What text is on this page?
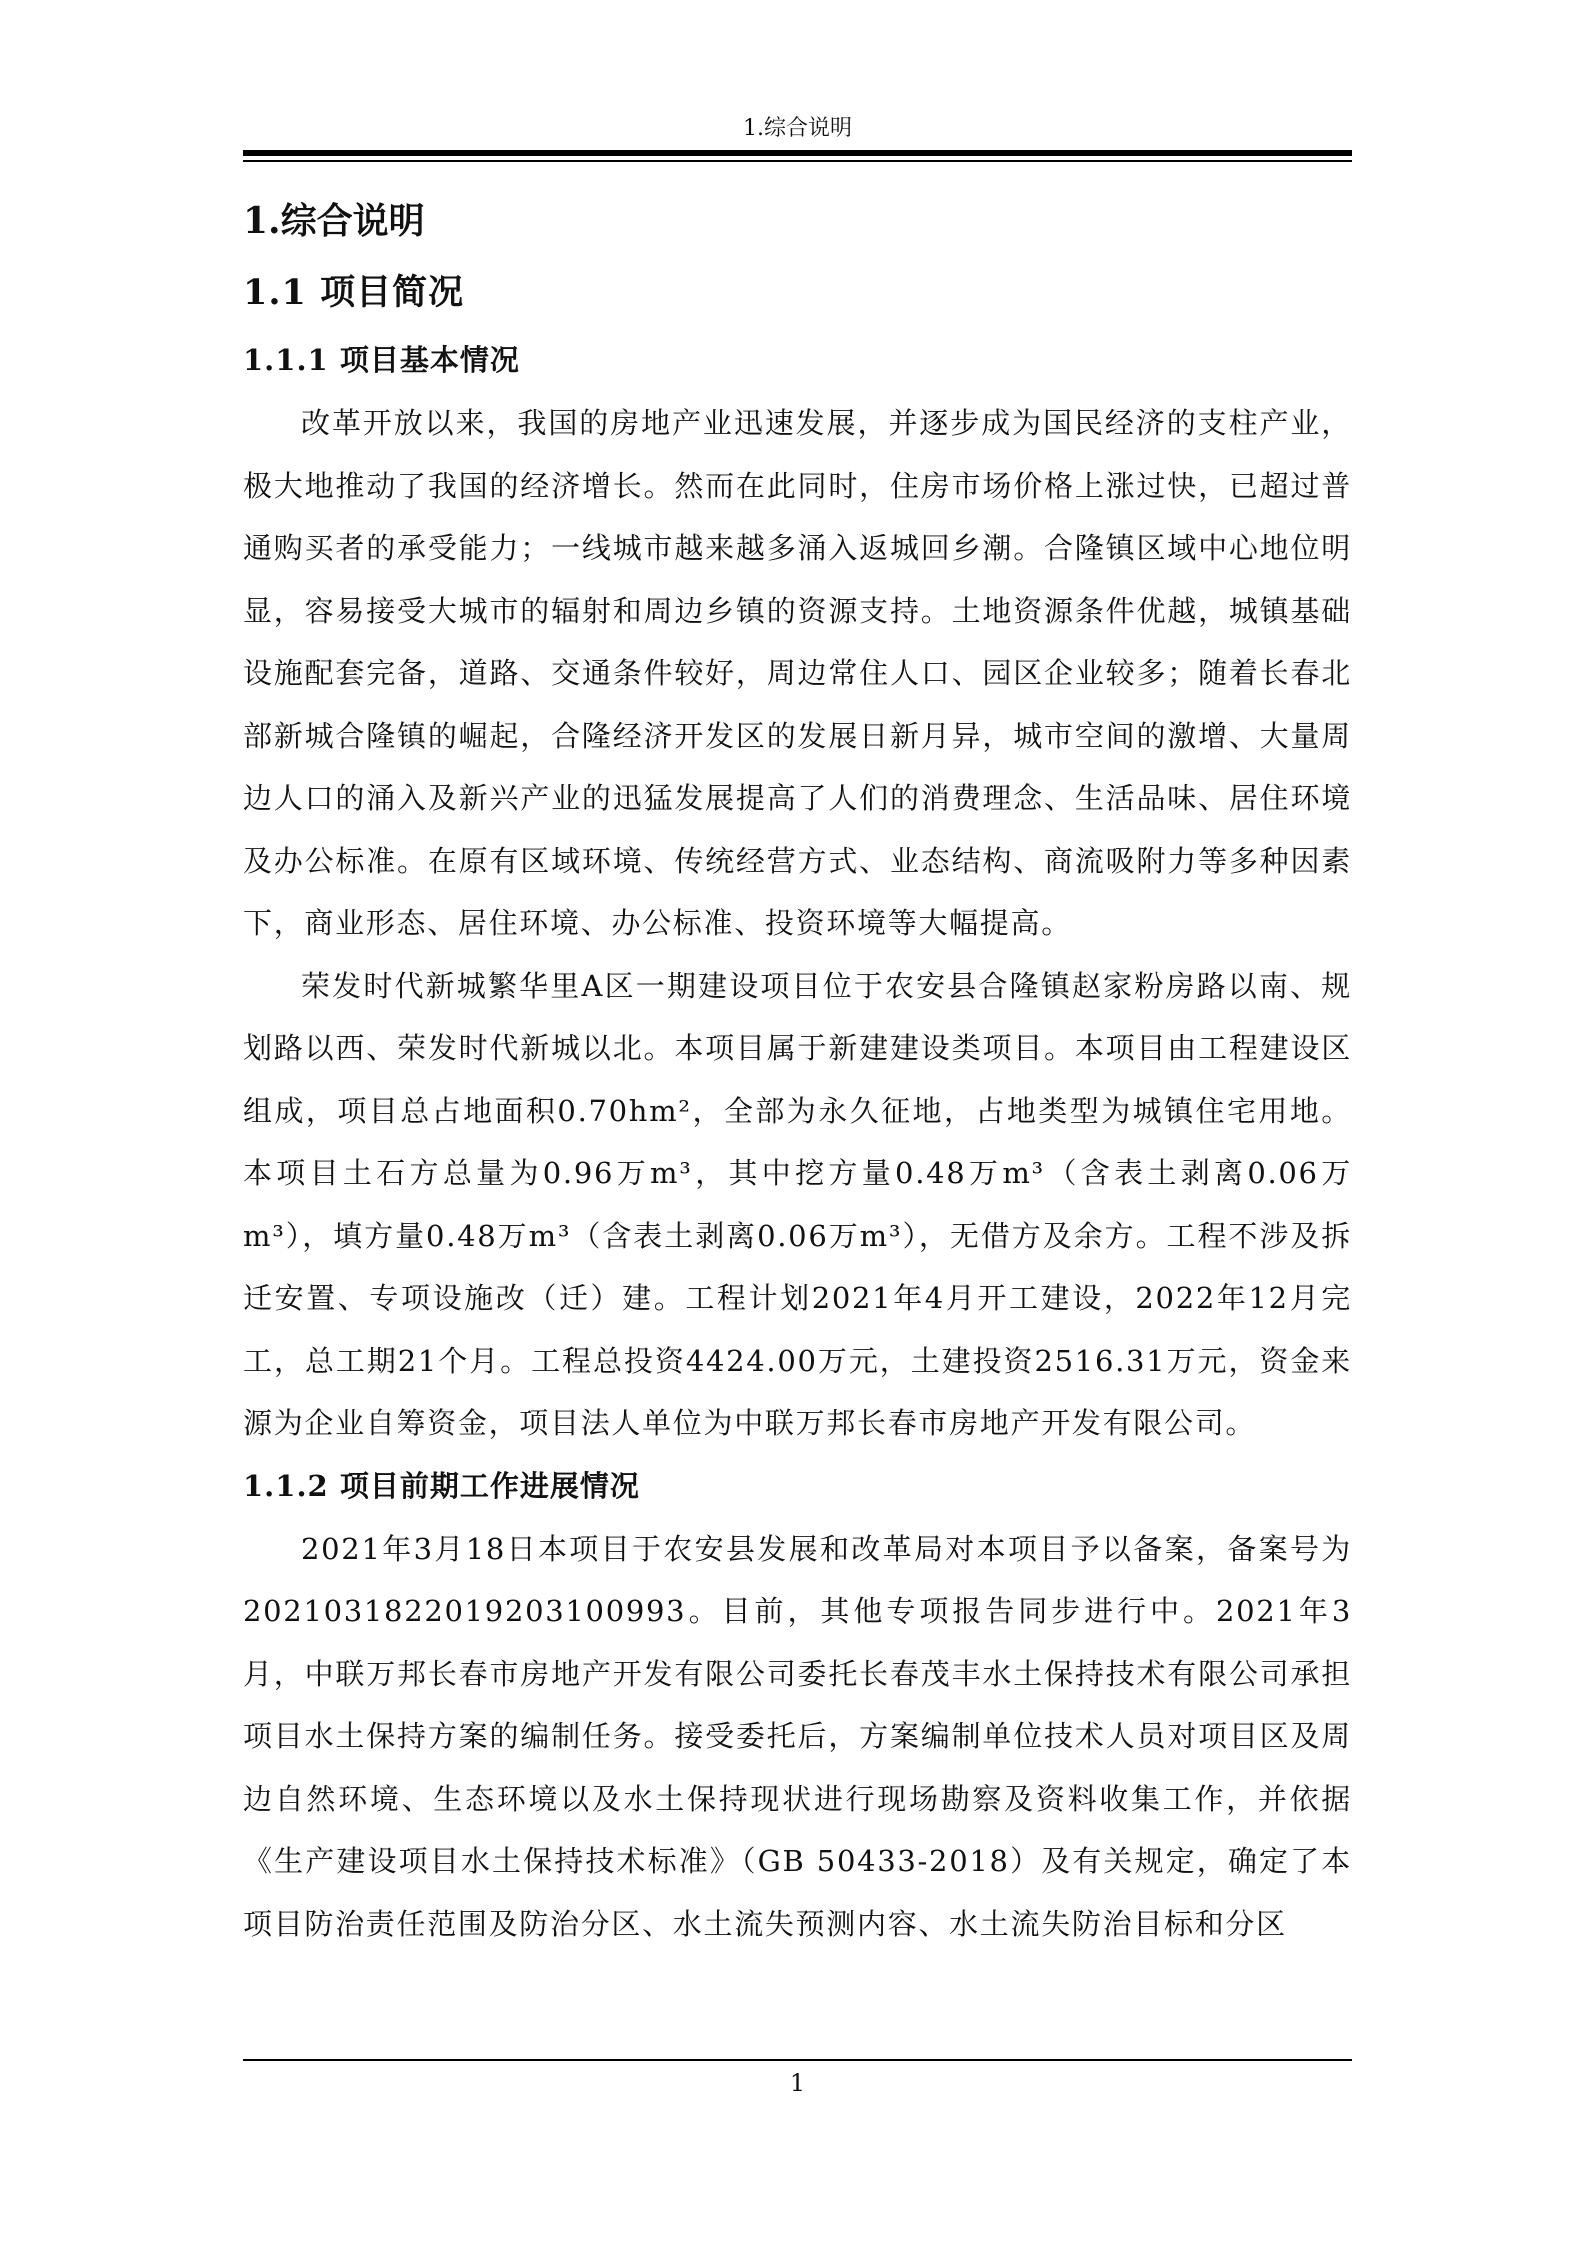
1.综合说明
1.综合说明
1.1 项目简况
1.1.1 项目基本情况

改革开放以来，我国的房地产业迅速发展，并逐步成为国民经济的支柱产业，极大地推动了我国的经济增长。然而在此同时，住房市场价格上涨过快，已超过普通购买者的承受能力；一线城市越来越多涌入返城回乡潮。合隆镇区域中心地位明显，容易接受大城市的辐射和周边乡镇的资源支持。土地资源条件优越，城镇基础设施配套完备，道路、交通条件较好，周边常住人口、园区企业较多；随着长春北部新城合隆镇的崛起，合隆经济开发区的发展日新月异，城市空间的激增、大量周边人口的涌入及新兴产业的迅猛发展提高了人们的消费理念、生活品味、居住环境及办公标准。在原有区域环境、传统经营方式、业态结构、商流吸附力等多种因素下，商业形态、居住环境、办公标准、投资环境等大幅提高。

荣发时代新城繁华里A区一期建设项目位于农安县合隆镇赵家粉房路以南、规划路以西、荣发时代新城以北。本项目属于新建建设类项目。本项目由工程建设区组成，项目总占地面积0.70hm²，全部为永久征地，占地类型为城镇住宅用地。本项目土石方总量为0.96万m³，其中挖方量0.48万m³（含表土剥离0.06万m³），填方量0.48万m³（含表土剥离0.06万m³），无借方及余方。工程不涉及拆迁安置、专项设施改（迁）建。工程计划2021年4月开工建设，2022年12月完工，总工期21个月。工程总投资4424.00万元，土建投资2516.31万元，资金来源为企业自筹资金，项目法人单位为中联万邦长春市房地产开发有限公司。

1.1.2 项目前期工作进展情况

2021年3月18日本项目于农安县发展和改革局对本项目予以备案，备案号为2021031822019203100993。目前，其他专项报告同步进行中。2021年3月，中联万邦长春市房地产开发有限公司委托长春茂丰水土保持技术有限公司承担项目水土保持方案的编制任务。接受委托后，方案编制单位技术人员对项目区及周边自然环境、生态环境以及水土保持现状进行现场勘察及资料收集工作，并依据《生产建设项目水土保持技术标准》（GB 50433-2018）及有关规定，确定了本项目防治责任范围及防治分区、水土流失预测内容、水土流失防治目标和分区

1
